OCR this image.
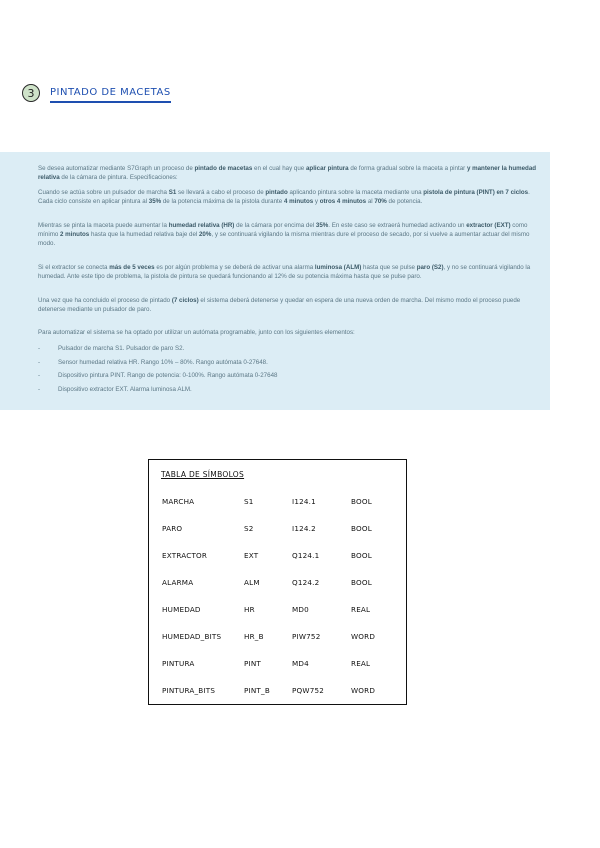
3	PINTADO DE MACETAS

Se desea automatizar mediante S7Graph un proceso de pintado de macetas en el cual hay que aplicar pintura de forma gradual sobre la maceta a pintar y mantener la humedad relativa de la cámara de pintura. Especificaciones:

Cuando se actúa sobre un pulsador de marcha S1 se llevará a cabo el proceso de pintado aplicando pintura sobre la maceta mediante una pistola de pintura (PINT) en 7 ciclos. Cada ciclo consiste en aplicar pintura al 35% de la potencia máxima de la pistola durante 4 minutos y otros 4 minutos al 70% de potencia.

Mientras se pinta la maceta puede aumentar la humedad relativa (HR) de la cámara por encima del 35%. En este caso se extraerá humedad activando un extractor (EXT) como mínimo 2 minutos hasta que la humedad relativa baje del 20%, y se continuará vigilando la misma mientras dure el proceso de secado, por si vuelve a aumentar actuar del mismo modo.

Si el extractor se conecta más de 5 veces es por algún problema y se deberá de activar una alarma luminosa (ALM) hasta que se pulse paro (S2), y no se continuará vigilando la humedad. Ante este tipo de problema, la pistola de pintura se quedará funcionando al 12% de su potencia máxima hasta que se pulse paro.

Una vez que ha concluido el proceso de pintado (7 ciclos) el sistema deberá detenerse y quedar en espera de una nueva orden de marcha. Del mismo modo el proceso puede detenerse mediante un pulsador de paro.

Para automatizar el sistema se ha optado por utilizar un autómata programable, junto con los siguientes elementos:

- Pulsador de marcha S1. Pulsador de paro S2.
- Sensor humedad relativa HR. Rango 10% – 80%. Rango autómata 0-27648.
- Dispositivo pintura PINT. Rango de potencia: 0-100%. Rango autómata 0-27648
- Dispositivo extractor EXT. Alarma luminosa ALM.
TABLA DE SÍMBOLOS
MARCHA	S1	I124.1	BOOL
PARO	S2	I124.2	BOOL
EXTRACTOR	EXT	Q124.1	BOOL
ALARMA	ALM	Q124.2	BOOL
HUMEDAD	HR	MD0	REAL
HUMEDAD_BITS	HR_B	PIW752	WORD
PINTURA	PINT	MD4	REAL
PINTURA_BITS	PINT_B	PQW752	WORD
